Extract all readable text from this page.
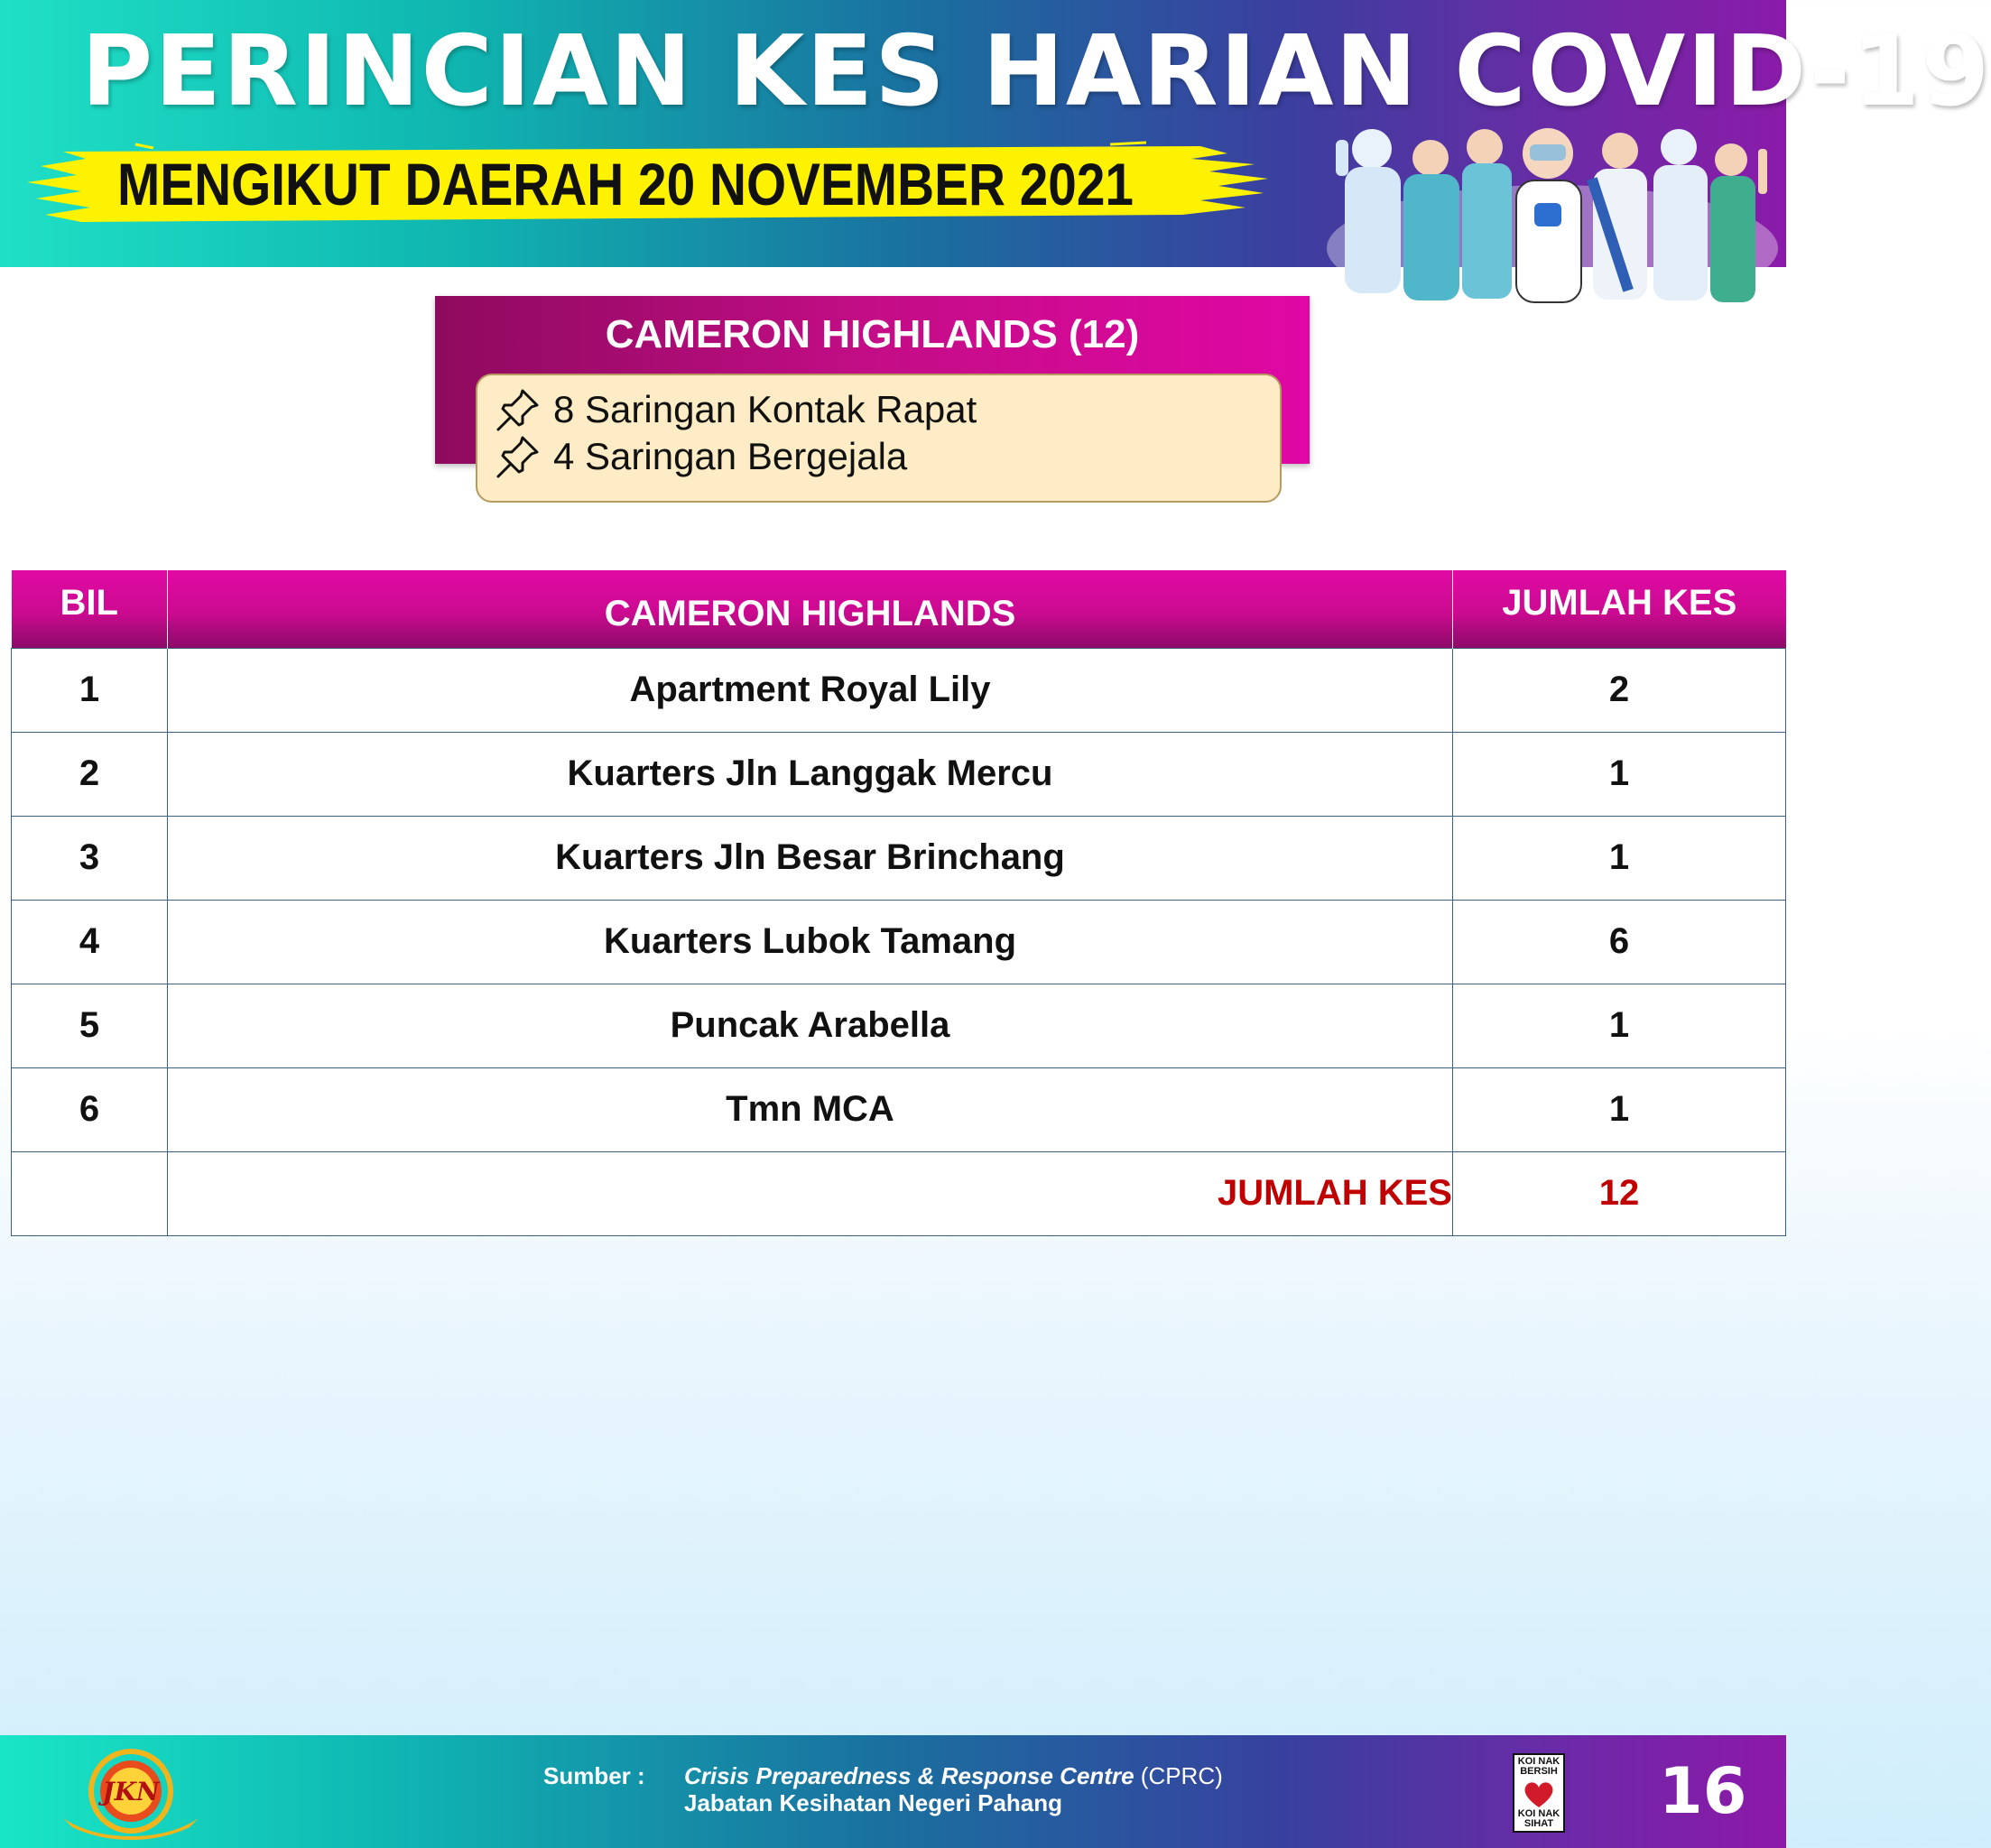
PERINCIAN KES HARIAN COVID-19
MENGIKUT DAERAH 20 NOVEMBER 2021
CAMERON HIGHLANDS (12)
8 Saringan Kontak Rapat
4 Saringan Bergejala
BIL	CAMERON HIGHLANDS	JUMLAH KES
1	Apartment Royal Lily	2
2	Kuarters Jln Langgak Mercu	1
3	Kuarters Jln Besar Brinchang	1
4	Kuarters Lubok Tamang	6
5	Puncak Arabella	1
6	Tmn MCA	1
	JUMLAH KES	12
JKN
Sumber : Crisis Preparedness & Response Centre (CPRC)
Jabatan Kesihatan Negeri Pahang
KOI NAK BERSIH
KOI NAK SIHAT 16
